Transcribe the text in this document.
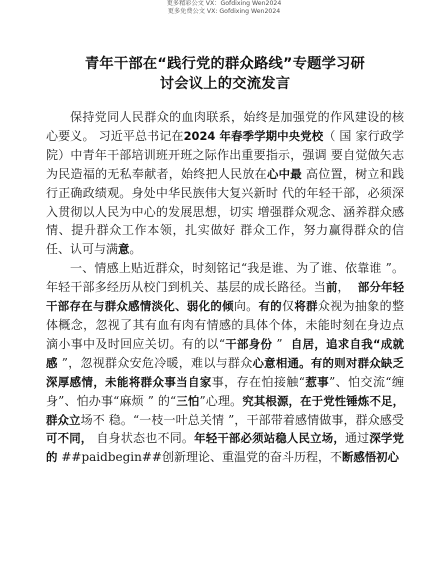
更多精彩公文 VX：Gofdixing Wen2024
更多免费公文 VX: Gofdixing Wen2024
青年干部在“践行党的群众路线”专题学习研
讨会议上的交流发言

保持党同人民群众的血肉联系，始终是加强党的作风建设的核心要义。 习近平总书记在2024 年春季学期中央党校（ 国 家行政学院）中青年干部培训班开班之际作出重要指示，强调 要自觉做矢志为民造福的无私奉献者，始终把人民放在心中最 高位置，树立和践行正确政绩观。身处中华民族伟大复兴新时 代的年轻干部，必须深入贯彻以人民为中心的发展思想，切实 增强群众观念、涵养群众感情、提升群众工作本领，扎实做好 群众工作，努力赢得群众的信任、认可与满意。

一、情感上贴近群众，时刻铭记“我是谁、为了谁、依靠谁 ”。年轻干部多经历从校门到机关、基层的成长路径。当前， 部分年轻干部存在与群众感情淡化、弱化的倾向。有的仅将群众视为抽象的整体概念，忽视了其有血有肉有情感的具体个体，未能时刻在身边点滴小事中及时回应关切。有的以“干部身份 ” 自居，追求自我“成就感 ”，忽视群众安危冷暖，难以与群众心意相通。有的则对群众缺乏深厚感情，未能将群众事当自家事，存在怕接触“惹事”、怕交流“缠身”、怕办事“麻烦 ” 的“三怕”心理。究其根源，在于党性锤炼不足，群众立场不 稳。“一枝一叶总关情 ”，干部带着感情做事，群众感受可不同， 自身状态也不同。年轻干部必须站稳人民立场，通过深学党的 ##paidbegin##创新理论、重温党的奋斗历程，不断感悟初心
